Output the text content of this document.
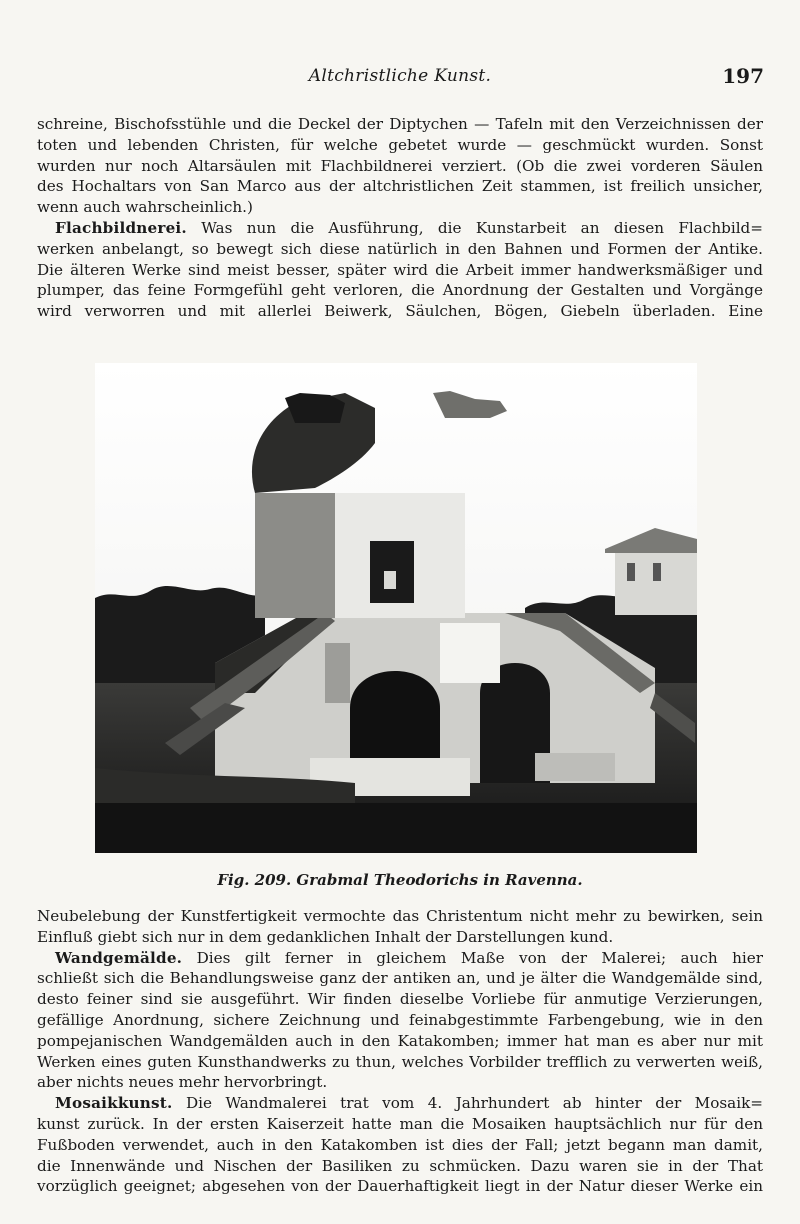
Altchristliche Kunst.	197
schreine, Bischofsstühle und die Deckel der Diptychen — Tafeln mit den Verzeichnissen der
toten und lebenden Christen, für welche gebetet wurde — geschmückt wurden. Sonst
wurden nur noch Altarsäulen mit Flachbildnerei verziert. (Ob die zwei vorderen Säulen
des Hochaltars von San Marco aus der altchristlichen Zeit stammen, ist freilich unsicher,
wenn auch wahrscheinlich.)
Flachbildnerei. Was nun die Ausführung, die Kunstarbeit an diesen Flachbild=
werken anbelangt, so bewegt sich diese natürlich in den Bahnen und Formen der Antike.
Die älteren Werke sind meist besser, später wird die Arbeit immer handwerksmäßiger und
plumper, das feine Formgefühl geht verloren, die Anordnung der Gestalten und Vorgänge
wird verworren und mit allerlei Beiwerk, Säulchen, Bögen, Giebeln überladen. Eine
Fig. 209. Grabmal Theodorichs in Ravenna.
Neubelebung der Kunstfertigkeit vermochte das Christentum nicht mehr zu bewirken, sein
Einfluß giebt sich nur in dem gedanklichen Inhalt der Darstellungen kund.
Wandgemälde. Dies gilt ferner in gleichem Maße von der Malerei; auch hier
schließt sich die Behandlungsweise ganz der antiken an, und je älter die Wandgemälde sind,
desto feiner sind sie ausgeführt. Wir finden dieselbe Vorliebe für anmutige Verzierungen,
gefällige Anordnung, sichere Zeichnung und feinabgestimmte Farbengebung, wie in den
pompejanischen Wandgemälden auch in den Katakomben; immer hat man es aber nur mit
Werken eines guten Kunsthandwerks zu thun, welches Vorbilder trefflich zu verwerten weiß,
aber nichts neues mehr hervorbringt.
Mosaikkunst. Die Wandmalerei trat vom 4. Jahrhundert ab hinter der Mosaik=
kunst zurück. In der ersten Kaiserzeit hatte man die Mosaiken hauptsächlich nur für den
Fußboden verwendet, auch in den Katakomben ist dies der Fall; jetzt begann man damit,
die Innenwände und Nischen der Basiliken zu schmücken. Dazu waren sie in der That
vorzüglich geeignet; abgesehen von der Dauerhaftigkeit liegt in der Natur dieser Werke ein
